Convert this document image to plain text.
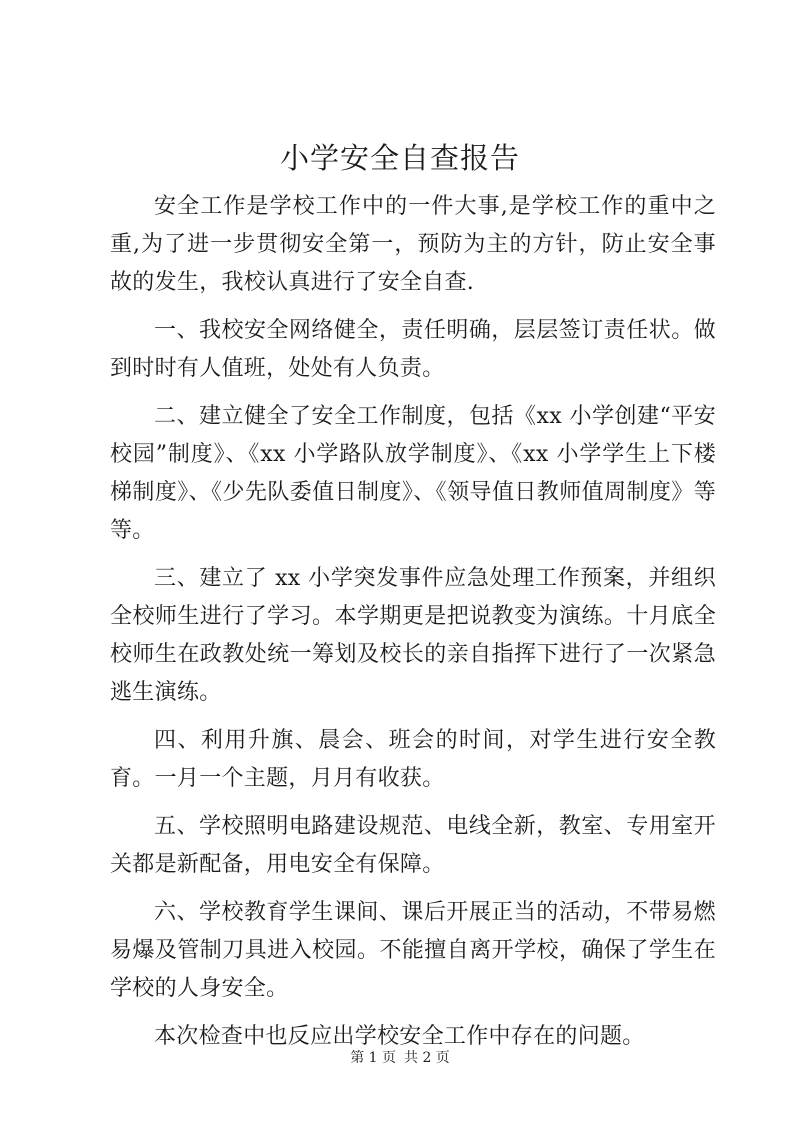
小学安全自查报告

安全工作是学校工作中的一件大事,是学校工作的重中之重,为了进一步贯彻安全第一，预防为主的方针，防止安全事故的发生，我校认真进行了安全自查.

一、我校安全网络健全，责任明确，层层签订责任状。做到时时有人值班，处处有人负责。

二、建立健全了安全工作制度，包括《xx 小学创建“平安校园”制度》、《xx 小学路队放学制度》、《xx 小学学生上下楼梯制度》、《少先队委值日制度》、《领导值日教师值周制度》等等。

三、建立了 xx 小学突发事件应急处理工作预案，并组织全校师生进行了学习。本学期更是把说教变为演练。十月底全校师生在政教处统一筹划及校长的亲自指挥下进行了一次紧急逃生演练。

四、利用升旗、晨会、班会的时间，对学生进行安全教育。一月一个主题，月月有收获。

五、学校照明电路建设规范、电线全新，教室、专用室开关都是新配备，用电安全有保障。

六、学校教育学生课间、课后开展正当的活动，不带易燃易爆及管制刀具进入校园。不能擅自离开学校，确保了学生在学校的人身安全。

本次检查中也反应出学校安全工作中存在的问题。

第 1 页 共 2 页
